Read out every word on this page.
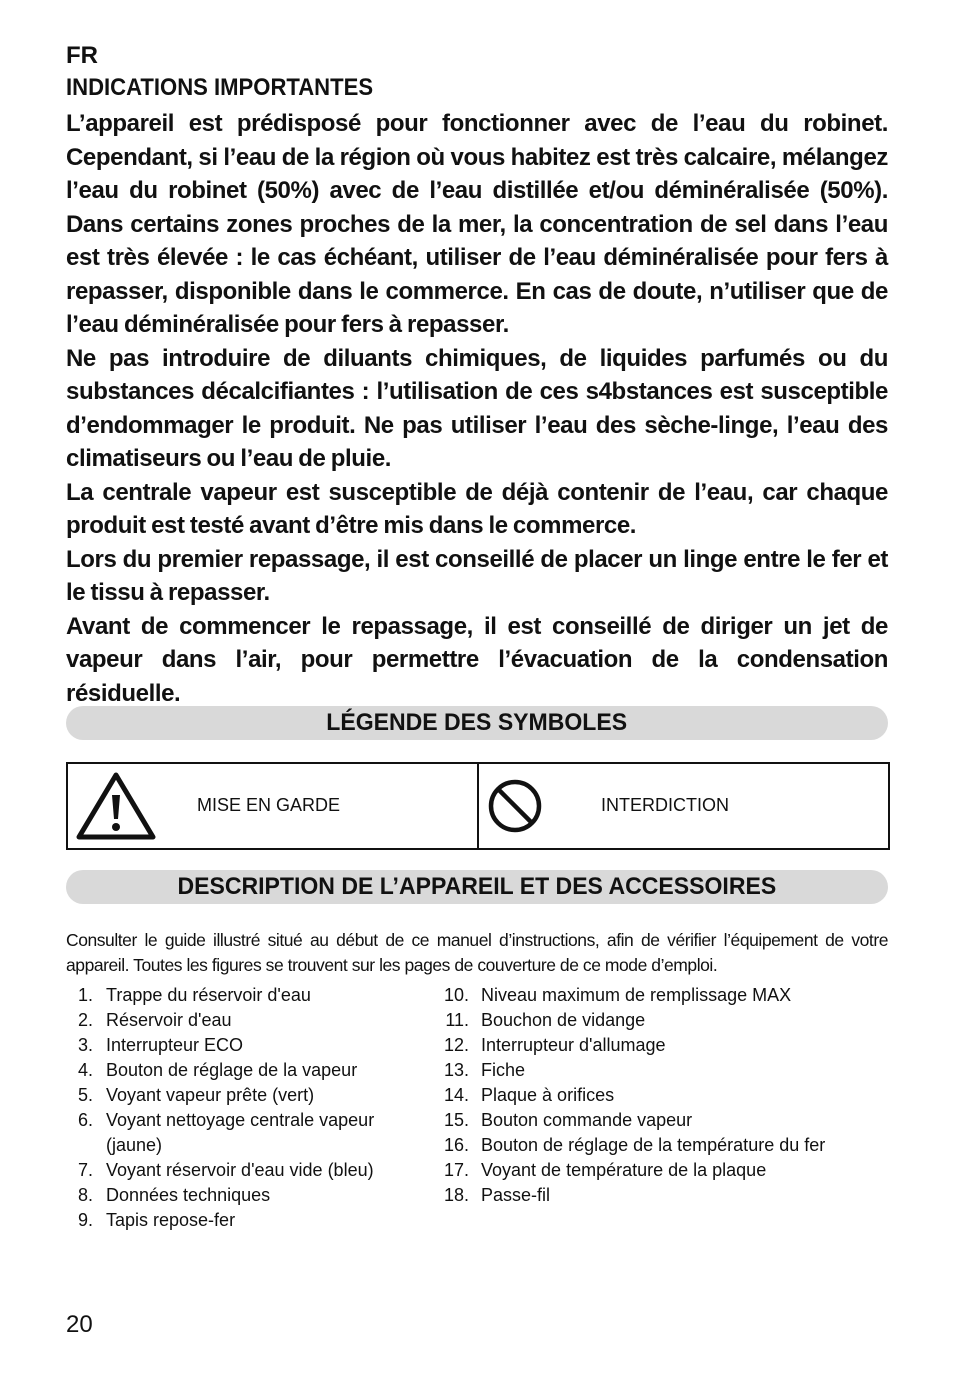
FR
INDICATIONS IMPORTANTES

L’appareil est prédisposé pour fonctionner avec de l’eau du robinet. Cependant, si l’eau de la région où vous habitez est très calcaire, mélangez l’eau du robinet (50%) avec de l’eau distillée et/ou déminéralisée (50%). Dans certains zones proches de la mer, la concentration de sel dans l’eau est très élevée : le cas échéant, utiliser de l’eau déminéralisée pour fers à repasser, disponible dans le commerce. En cas de doute, n’utiliser que de l’eau déminéralisée pour fers à repasser.

Ne pas introduire de diluants chimiques, de liquides parfumés ou du substances décalcifiantes : l’utilisation de ces s4bstances est susceptible d’endommager le produit. Ne pas utiliser l’eau des sèche-linge, l’eau des climatiseurs ou l’eau de pluie.

La centrale vapeur est susceptible de déjà contenir de l’eau, car chaque produit est testé avant d’être mis dans le commerce.

Lors du premier repassage, il est conseillé de placer un linge entre le fer et le tissu à repasser.

Avant de commencer le repassage, il est conseillé de diriger un jet de vapeur dans l’air, pour permettre l’évacuation de la condensation résiduelle.

LÉGENDE DES SYMBOLES
MISE EN GARDE	INTERDICTION
DESCRIPTION DE L’APPAREIL ET DES ACCESSOIRES
Consulter le guide illustré situé au début de ce manuel d’instructions, afin de vérifier l’équipement de votre appareil. Toutes les figures se trouvent sur les pages de couverture de ce mode d’emploi.
1. Trappe du réservoir d'eau
2. Réservoir d'eau
3. Interrupteur ECO
4. Bouton de réglage de la vapeur
5. Voyant vapeur prête (vert)
6. Voyant nettoyage centrale vapeur (jaune)
7. Voyant réservoir d'eau vide (bleu)
8. Données techniques
9. Tapis repose-fer
10. Niveau maximum de remplissage MAX
11. Bouchon de vidange
12. Interrupteur d'allumage
13. Fiche
14. Plaque à orifices
15. Bouton commande vapeur
16. Bouton de réglage de la température du fer
17. Voyant de température de la plaque
18. Passe-fil
20
